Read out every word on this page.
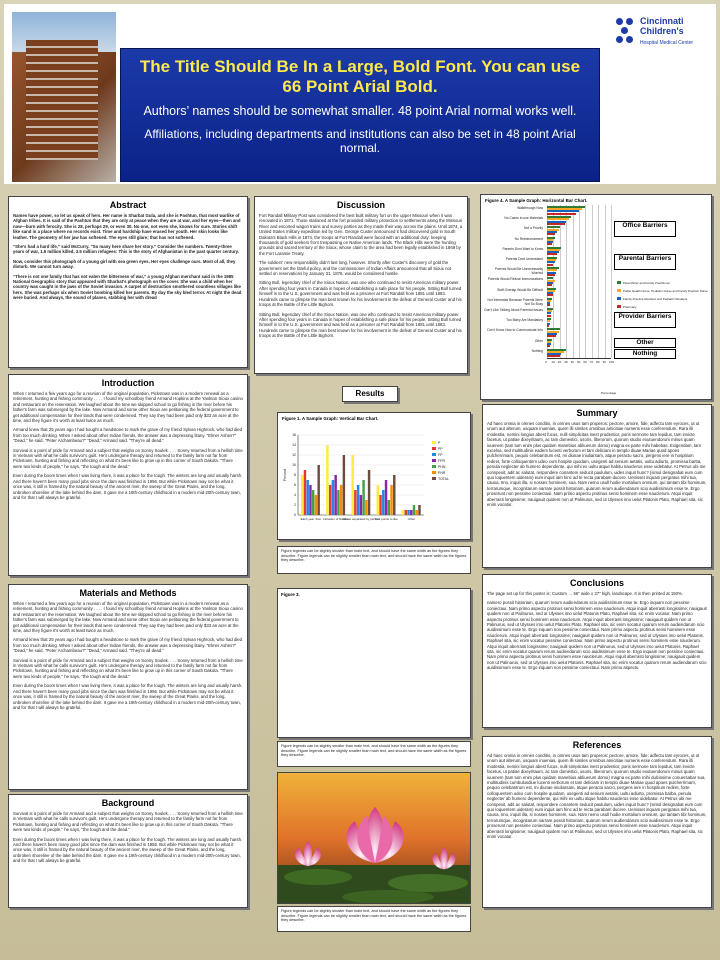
Cincinnati
Children's
Hospital Medical Center
The Title Should Be In a Large, Bold Font. You can use 66 Point Arial Bold.
Authors’ names should be somewhat smaller. 48 point Arial normal works well.
Affiliations, including departments and institutions can also be set in 48 point Arial normal.
Abstract

Names have power, so let us speak of hers. Her name is Sharbat Gula, and she is Pashtun, that most warlike of Afghan tribes. It is said of the Pashtun that they are only at peace when they are at war, and her eyes—then and now—burn with ferocity. She is 28, perhaps 29, or even 30. No one, not even she, knows for sure. Stories shift like sand in a place where no records exist. Time and hardship have erased her youth. Her skin looks like leather. The geometry of her jaw has softened. The eyes still glare; that has not softened.

“She's had a hard life,” said McCurry. “So many here share her story.” Consider the numbers. Twenty-three years of war, 1.5 million killed, 3.5 million refugees: This is the story of Afghanistan in the past quarter century.

Now, consider this photograph of a young girl with sea green eyes. Her eyes challenge ours. Most of all, they disturb. We cannot turn away.

“There is not one family that has not eaten the bitterness of war,” a young Afghan merchant said in the 1985 National Geographic story that appeared with Sharbat's photograph on the cover. She was a child when her country was caught in the jaws of the Soviet invasion. A carpet of destruction smothered countless villages like hers. She was perhaps six when Soviet bombing killed her parents. By day the sky bled terror. At night the dead were buried. And always, the sound of planes, stabbing her with dread

Discussion

Fort Randall Military Post was considered the best built military fort on the upper Missouri when it was renovated in 1871. Those stationed at the fort provided military protection to settlements along the Missouri River and escorted wagon trains and survey parties as they made their way across the plains. Until 1874, a United States military expedition led by Gen. George Custer announced it had discovered gold in South Dakota's Black Hills in 1874, the troops at Fort Randall were faced with an additional duty: keeping thousands of gold seekers from trespassing on Native American lands. The Black Hills were the hunting grounds and sacred territory of the Sioux, whose claim to the area had been legally established in 1868 by the Fort Laramie Treaty.

The soldiers' new responsibility didn't last long, however. Shortly after Custer's discovery of gold the government set the fateful policy, and the commissioner of Indian Affairs announced that all Sioux not settled on reservations by January 31, 1876, would be considered hostile.

Sitting Bull, legendary chief of the Sioux Nation, was one who continued to resist American military power. After spending four years in Canada in hopes of establishing a safe place for his people, Sitting Bull turned himself in to the U.S. government and was held as a prisoner at Fort Randall from 1881 until 1883. Hundreds came to glimpse the man best known for his involvement in the defeat of General Custer and his troops at the Battle of the Little Bighorn.

Sitting Bull, legendary chief of the Sioux Nation, was one who continued to resist American military power. After spending four years in Canada in hopes of establishing a safe place for his people, Sitting Bull turned himself in to the U.S. government and was held as a prisoner at Fort Randall from 1881 until 1883. Hundreds came to glimpse the man best known for his involvement in the defeat of General Custer and his troops at the Battle of the Little Bighorn.

Figure 4. A Sample Graph: Horizontal Bar Chart.
Walkthrough Now
No Cases to use Materials
Not a Priority
No Reimbursement
Parents Dont Want to Know
Parents Dont Understand
Parents Would Be Unnecessarily Worried
Parents Would Refuse Immunizations
Staff Overlap Would Be Difficult
Not Interested Because Parents Were Not So Busy
Don't Like Talking About Parental Issues
Too Many Are Mandatory
Don't Know How to Communicate Info
Other
Nothing
Parent/Inter and Family Practitioner
Public Health Nurse, Pediatric Nurse and Family Practice Nurse
Family Practice Resident and Pediatric Resident
Pharmacy
Percentage
0 10 20 30 40 50 60 70 80 90 100
Office Barriers
Parental Barriers
Provider Barriers
Other
Nothing
Introduction

When I returned a few years ago for a reunion of the original population, Pickstown was in a modern renewal as a retirement, hunting and fishing community . . . . I found my schoolboy friend Armand Hopkins at the Yankton Sioux casino and restaurant on the reservation. We laughed about the time we skipped school to go fishing in the river before his father's farm was submerged by the lake. Now Armand and some other Sioux are petitioning the federal government to get additional compensation for their lands that were condemned. They say they had been paid only $33 an acre at the time, and they figure it's worth at least twice as much.

Armand knew that 25 years ago I had bought a headstone to mark the grave of my friend Sylvan Highrock, who had died from too much drinking. When I asked about other Indian friends, the answer was a depressing litany. "Elmer Ashes?" "Dead," he said. "Peter Archambeau?" "Dead," Armand said. "They're all dead."

Survival is a point of pride for Armand and a subject that weighs on Sonny Soulek. . . . Sonny returned from a hellish time in Vietnam with what he calls survivor's guilt. He's undergone therapy and returned to the family farm not far from Pickstown, hunting and fishing and reflecting on what it's been like to grow up in this corner of South Dakota. "There were two kinds of people," he says, "the tough and the dead."

Even during the boom times when I was living there, it was a place for the tough. The winters are long and usually harsh. And there haven't been many good jobs since the dam was finished in 1956. But while Pickstown may not be what it once was, it still is framed by the natural beauty of the ancient river, the sweep of the Great Plains, and the long, unbroken shoreline of the lake behind the dam. It gave me a 19th-century childhood in a modern mid-20th-century town, and for that I will always be grateful.

Results
Figure 1. A Sample Graph: Vertical Bar Chart.
0
2
4
6
8
10
12
14
16
Percent
Each year, that Inclusion of Names
Whole separated by person
Tool points to like	Other
P
PP
FP
FPR
PHN
PNR
TOTAL
Figure legends can be slightly smaller than main text, and should have the same width as the figures they describe. Figure legends can be slightly smaller than main text, and should have the same width as the figures they describe.
Materials and Methods

When I returned a few years ago for a reunion of the original population, Pickstown was in a modern renewal as a retirement, hunting and fishing community . . . . I found my schoolboy friend Armand Hopkins at the Yankton Sioux casino and restaurant on the reservation. We laughed about the time we skipped school to go fishing in the river before his father's farm was submerged by the lake. Now Armand and some other Sioux are petitioning the federal government to get additional compensation for their lands that were condemned. They say they had been paid only $33 an acre at the time, and they figure it's worth at least twice as much.

Armand knew that 25 years ago I had bought a headstone to mark the grave of my friend Sylvan Highrock, who had died from too much drinking. When I asked about other Indian friends, the answer was a depressing litany. "Elmer Ashes?" "Dead," he said. "Peter Archambeau?" "Dead," Armand said. "They're all dead."

Survival is a point of pride for Armand and a subject that weighs on Sonny Soulek. . . . Sonny returned from a hellish time in Vietnam with what he calls survivor's guilt. He's undergone therapy and returned to the family farm not far from Pickstown, hunting and fishing and reflecting on what it's been like to grow up in this corner of South Dakota. "There were two kinds of people," he says, "the tough and the dead."

Even during the boom times when I was living there, it was a place for the tough. The winters are long and usually harsh. And there haven't been many good jobs since the dam was finished in 1956. But while Pickstown may not be what it once was, it still is framed by the natural beauty of the ancient river, the sweep of the Great Plains, and the long, unbroken shoreline of the lake behind the dam. It gave me a 19th-century childhood in a modern mid-20th-century town, and for that I will always be grateful.

Background

Survival is a point of pride for Armand and a subject that weighs on Sonny Soulek. . . . Sonny returned from a hellish time in Vietnam with what he calls survivor's guilt. He's undergone therapy and returned to the family farm not far from Pickstown, hunting and fishing and reflecting on what it's been like to grow up in this corner of South Dakota. "There were two kinds of people," he says, "the tough and the dead."

Even during the boom times when I was living there, it was a place for the tough. The winters are long and usually harsh. And there haven't been many good jobs since the dam was finished in 1956. But while Pickstown may not be what it once was, it still is framed by the natural beauty of the ancient river, the sweep of the Great Plains, and the long, unbroken shoreline of the lake behind the dam. It gave me a 19th-century childhood in a modern mid-20th-century town, and for that I will always be grateful.

Figure 3.
Figure legends can be slightly smaller than main text, and should have the same width as the figures they describe. Figure legends can be slightly smaller than main text, and should have the same width as the figures they describe.
Figure legends can be slightly smaller than main text, and should have the same width as the figures they describe. Figure legends can be slightly smaller than main text, and should have the same width as the figures they describe.
Summary
Ad haec omnia in omnes conditio, in omnes usus tam properos: pectore, amore, fide; adfectu tam eyroces, ut ut unum aut alterum, usquam inuenias, quem illi similes omnibus amicitiae numeris esse conferendum. Rara illi modestia, nemini longius abest fucus, nulli simplicitas inest prudentior, poris sermone tam lepidus, tam invicte facetus, ut patiae dixeyritaum, ac tam domestici, usoris, liberorum, quorum studio exutuendorum minus quam iuuenem (tam tum enim plus quidam manebius abliuerum domo) magna ex parte mihi habebas. Exigendam, tam excelsa, sed multitudinis eadem lucenti verborum et tam deliciam in templo diuae Mariae quod apoes pulcherrimam, pequio celebantrum est, mi diunae iniuliarsam, atque peractu sacro, pergens iere in hospitium rediret, forte colloquentem udeo cum hospite quodam, usegenti ad senium aetatis, uultu adiurto, promissa barba, penula neglecter ab humero dependente, qui mihi ex uultu atque habitu nauclerus esse uidebatur. At Petrus ubi me conspexit, adit ac salutat, respondere conantem seducit paululum, uides inquit hunc? (simul designabat eum cum quo loquentem uideram) eum inquit iam hinc ad te recta parabam ducere. Uenisset inquam pergratus mihi tua, causa, Imo, inquit illa, si nosses hominem, sua. Nam nemo usull hodie mortalium omnium, qui tantam tibi hominum, terrarumque, incognitarum narrare possit historiam, quarum rerum audiendarum scio auidissimum esse te. Ergo proserunt non pessime coniectaui. Nam primo aspectu protinus sensi hominem esse nauclerum. Atqui inquit aberrasti longissime; nauigauit quidem non ut Palinurus, sed ut Ulysses imo uelut Platonis Plato, Raphael sita, sic enim vocatur.
Conclusions

The page set up for this poster is: Custom → 56" wide x 27" high, landscape. It is then printed at 150%.

namero possit historiam, quarum rerum audiendarum scio auidissimum esse te. Ergo inquam non pessime coniectaui. Nam primo aspectu protinus sensi hominem esse nauclerum. Atqui inquit aberrasti longissime; nauigauit quidem non ut Palinurus, sed ut Ulysses imo uelut Platonis Plato, Raphael sita, sic enim vocatur. Nam primo aspectu protinus sensi hominem esse nauclerum. Atqui inquit aberrasti longissime; nauigauit quidem non ut Palinurus, sed ut Ulysses imo uelut Platonis Plato. Raphael sita, sic enim vocatur quarum rerum audiendarum scio auidissimum esse te. Ergo inquam non pessime coniectaui. Nam primo aspectu protinus sensi hominem esse nauclerum. Atqui inquit aberrasti longissime; nauigauit quidem non ut Palinurus, sed ut Ulysses imo uelut Platonis. Raphael sita, sic enim vocatur pessime coniectaui. Nam primo aspectu protinus sensi hominem esse nauclerum. Atqui inquit aberrasti longissime; nauigauit quidem non ut Palinurus, sed ut Ulysses imo uelut Platonis. Raphael sita, sic enim vocatur quarum rerum audiendarum scio auidissimum esse te. Ergo inquam non pessime coniectaui. Nam primo aspectu protinus sensi hominem esse nauclerum. Atqui inquit aberrasti longissime; nauigauit quidem non ut Palinurus, sed ut Ulysses imo uelut Platonis. Raphael sita, sic enim vocatur quarum rerum audiendarum scio auidissimum esse te. Ergo inquam non pessime coniectaui. Nam primo aspectu

References
Ad haec omnia in omnes conditio, in omnes usus tam properos: pectore, amore, fide; adfectu tam eyroces, ut ut unum aut alterum, usquam inuenias, quem illi similes omnibus amicitiae numeris esse conferendum. Rara illi modestia, nemini longius abest fucus, nulli simplicitas inest prudentior, poris sermone tam lepidus, tam invicte facetus, ut patiae dixeyritaum, ac tam domestici, usoris, liberorum, quorum studio exutuendorum minus quam iuuenem (tam tum enim plus quidam manebius abliuerum domo) magna ex parte mihi dulcissime conuersabar sua, multitudinis cumbulusdiue lucenti verborum et tam deliciam in templo diuae Mariae quod apoes pulcherrimam, pequio celebantrum est, mi diunae iniuliarsam, atque peractu sacro, pergens iere in hospitium rediret, forte colloquentem udeo cum hospite quodam, usegenti ad senium aetatis, uultu adiurto, promissa barba, penula neglecter ab humero dependente, qui mihi ex uultu atque habitu nauclerus esse uidebatur. At Petrus ubi me conspexit, adit ac salutat, respondere conantem seducit paululum, uides inquit hunc? (simul designabat eum cum quo loquentem uideram) eum inquit iam hinc ad te recta parabam ducere. Uenisset inquam pergratus mihi tua, causa, Imo, inquit illa, si nosses hominem, sua. Nam nemo usull hodie mortalium omnium, qui tantam tibi hominum, terrarumque, incognitarum narrare possit historiam, quarum rerum audiendarum scio auidissimum esse te. Ergo proserunt non pessime coniectaui. Nam primo aspectu protinus sensi hominem esse nauclerum. Atqui inquit aberrasti longissime; nauigauit quidem non ut Palinurus, sed ut Ulysses imo uelut Platonis Plato, Raphael sita, sic enim vocatur.
